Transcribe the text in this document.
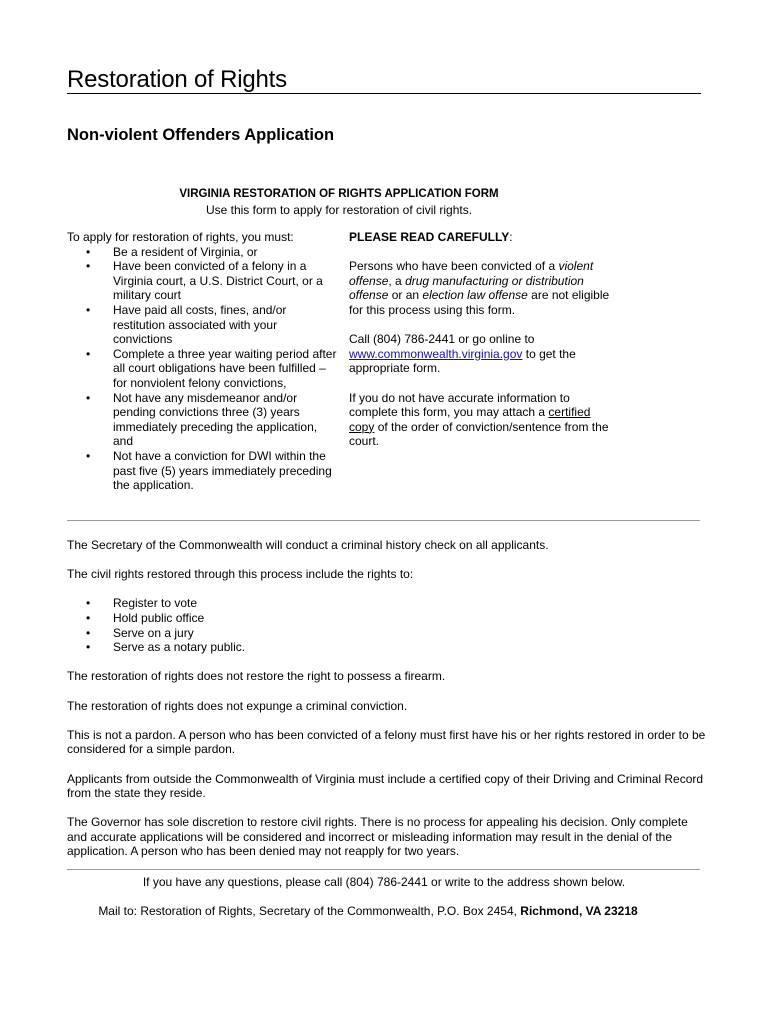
Restoration of Rights
Non-violent Offenders Application
VIRGINIA RESTORATION OF RIGHTS APPLICATION FORM
Use this form to apply for restoration of civil rights.

To apply for restoration of rights, you must:

• Be a resident of Virginia, or
• Have been convicted of a felony in a Virginia court, a U.S. District Court, or a military court
• Have paid all costs, fines, and/or restitution associated with your convictions
• Complete a three year waiting period after all court obligations have been fulfilled – for nonviolent felony convictions,
• Not have any misdemeanor and/or pending convictions three (3) years immediately preceding the application, and
• Not have a conviction for DWI within the past five (5) years immediately preceding the application.

PLEASE READ CAREFULLY:

Persons who have been convicted of a violent offense, a drug manufacturing or distribution offense or an election law offense are not eligible for this process using this form.

Call (804) 786-2441 or go online to www.commonwealth.virginia.gov to get the appropriate form.

If you do not have accurate information to complete this form, you may attach a certified copy of the order of conviction/sentence from the court.

The Secretary of the Commonwealth will conduct a criminal history check on all applicants.

The civil rights restored through this process include the rights to:

• Register to vote
• Hold public office
• Serve on a jury
• Serve as a notary public.

The restoration of rights does not restore the right to possess a firearm.

The restoration of rights does not expunge a criminal conviction.

This is not a pardon. A person who has been convicted of a felony must first have his or her rights restored in order to be considered for a simple pardon.

Applicants from outside the Commonwealth of Virginia must include a certified copy of their Driving and Criminal Record from the state they reside.

The Governor has sole discretion to restore civil rights. There is no process for appealing his decision. Only complete and accurate applications will be considered and incorrect or misleading information may result in the denial of the application. A person who has been denied may not reapply for two years.

If you have any questions, please call (804) 786-2441 or write to the address shown below.
Mail to: Restoration of Rights, Secretary of the Commonwealth, P.O. Box 2454, Richmond, VA 23218
